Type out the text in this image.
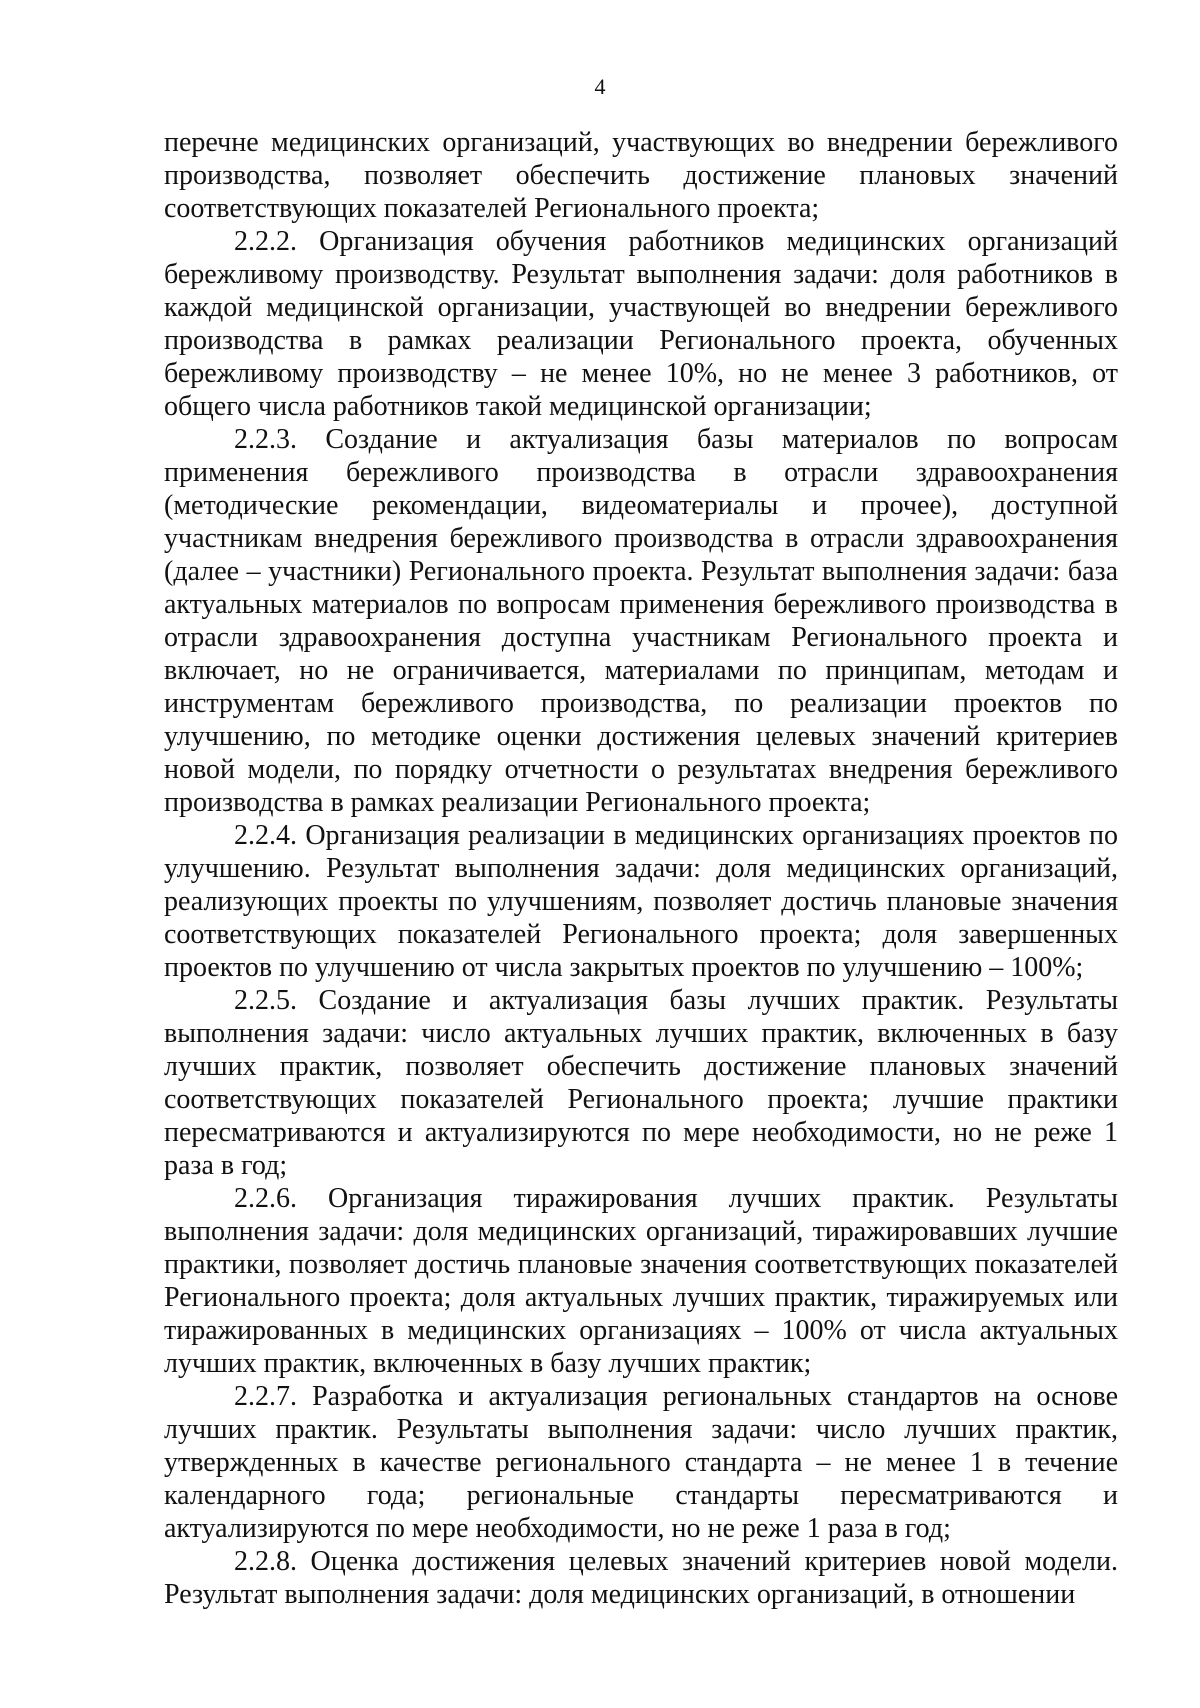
4

перечне медицинских организаций, участвующих во внедрении бережливого производства, позволяет обеспечить достижение плановых значений соответствующих показателей Регионального проекта;

2.2.2. Организация обучения работников медицинских организаций бережливому производству. Результат выполнения задачи: доля работников в каждой медицинской организации, участвующей во внедрении бережливого производства в рамках реализации Регионального проекта, обученных бережливому производству – не менее 10%, но не менее 3 работников, от общего числа работников такой медицинской организации;

2.2.3. Создание и актуализация базы материалов по вопросам применения бережливого производства в отрасли здравоохранения (методические рекомендации, видеоматериалы и прочее), доступной участникам внедрения бережливого производства в отрасли здравоохранения (далее – участники) Регионального проекта. Результат выполнения задачи: база актуальных материалов по вопросам применения бережливого производства в отрасли здравоохранения доступна участникам Регионального проекта и включает, но не ограничивается, материалами по принципам, методам и инструментам бережливого производства, по реализации проектов по улучшению, по методике оценки достижения целевых значений критериев новой модели, по порядку отчетности о результатах внедрения бережливого производства в рамках реализации Регионального проекта;

2.2.4. Организация реализации в медицинских организациях проектов по улучшению. Результат выполнения задачи: доля медицинских организаций, реализующих проекты по улучшениям, позволяет достичь плановые значения соответствующих показателей Регионального проекта; доля завершенных проектов по улучшению от числа закрытых проектов по улучшению – 100%;

2.2.5. Создание и актуализация базы лучших практик. Результаты выполнения задачи: число актуальных лучших практик, включенных в базу лучших практик, позволяет обеспечить достижение плановых значений соответствующих показателей Регионального проекта; лучшие практики пересматриваются и актуализируются по мере необходимости, но не реже 1 раза в год;

2.2.6. Организация тиражирования лучших практик. Результаты выполнения задачи: доля медицинских организаций, тиражировавших лучшие практики, позволяет достичь плановые значения соответствующих показателей Регионального проекта; доля актуальных лучших практик, тиражируемых или тиражированных в медицинских организациях – 100% от числа актуальных лучших практик, включенных в базу лучших практик;

2.2.7. Разработка и актуализация региональных стандартов на основе лучших практик. Результаты выполнения задачи: число лучших практик, утвержденных в качестве регионального стандарта – не менее 1 в течение календарного года; региональные стандарты пересматриваются и актуализируются по мере необходимости, но не реже 1 раза в год;

2.2.8. Оценка достижения целевых значений критериев новой модели. Результат выполнения задачи: доля медицинских организаций, в отношении
